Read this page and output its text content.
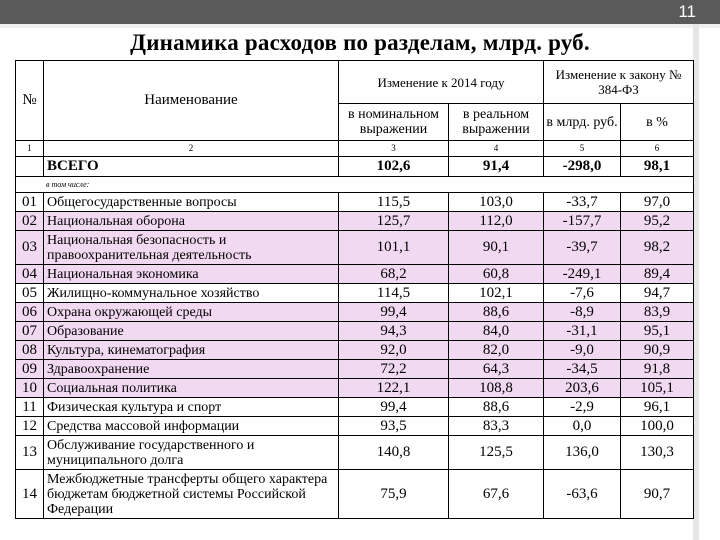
11
Динамика расходов по разделам, млрд. руб.
№	Наименование	Изменение к 2014 году		Изменение к закону № 384-ФЗ	
		в номинальном выражении	в реальном выражении	в млрд. руб.	в %
1	2	3	4	5	6
	ВСЕГО	102,6	91,4	-298,0	98,1
в том числе:					
01	Общегосударственные вопросы	115,5	103,0	-33,7	97,0
02	Национальная оборона	125,7	112,0	-157,7	95,2
03	Национальная безопасность и правоохранительная деятельность	101,1	90,1	-39,7	98,2
04	Национальная экономика	68,2	60,8	-249,1	89,4
05	Жилищно-коммунальное хозяйство	114,5	102,1	-7,6	94,7
06	Охрана окружающей среды	99,4	88,6	-8,9	83,9
07	Образование	94,3	84,0	-31,1	95,1
08	Культура, кинематография	92,0	82,0	-9,0	90,9
09	Здравоохранение	72,2	64,3	-34,5	91,8
10	Социальная политика	122,1	108,8	203,6	105,1
11	Физическая культура и спорт	99,4	88,6	-2,9	96,1
12	Средства массовой информации	93,5	83,3	0,0	100,0
13	Обслуживание государственного и муниципального долга	140,8	125,5	136,0	130,3
14	Межбюджетные трансферты общего характера бюджетам бюджетной системы Российской Федерации	75,9	67,6	-63,6	90,7
